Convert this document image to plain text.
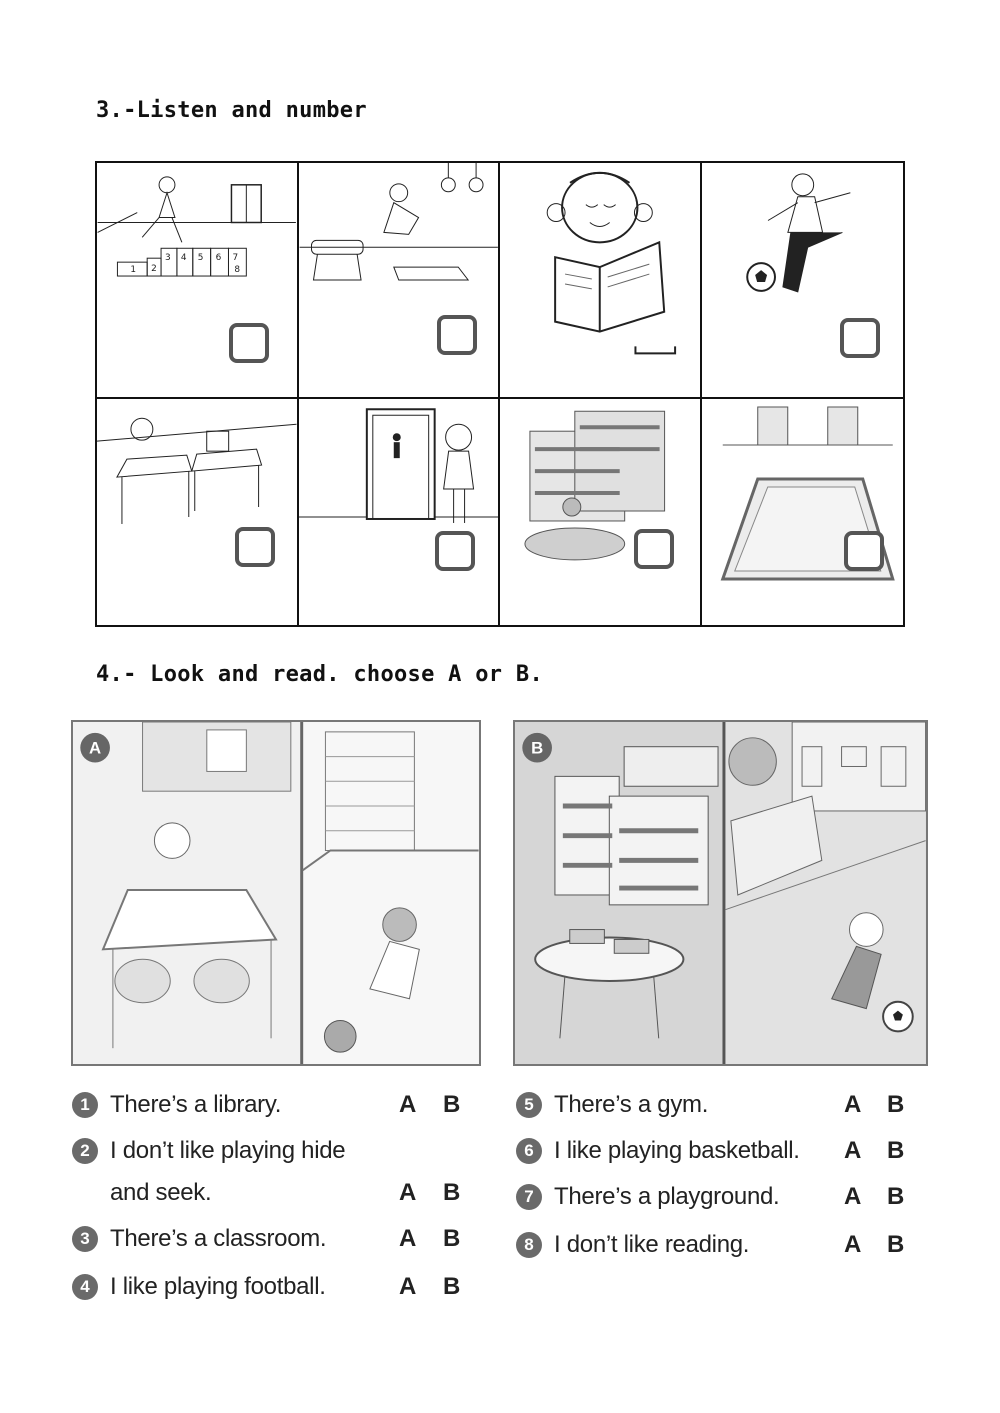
3.-Listen and number
1 2
3 4 5 6 7
8
4.- Look and read. choose A or B.
A	B
1 There’s a library.	A B
2 I don’t like playing hide
and seek.	A B
3 There’s a classroom.	A B
4 I like playing football.	A B
5 There’s a gym.	A B
6 I like playing basketball. A B
7 There’s a playground.	A B
8 I don’t like reading.	A B
